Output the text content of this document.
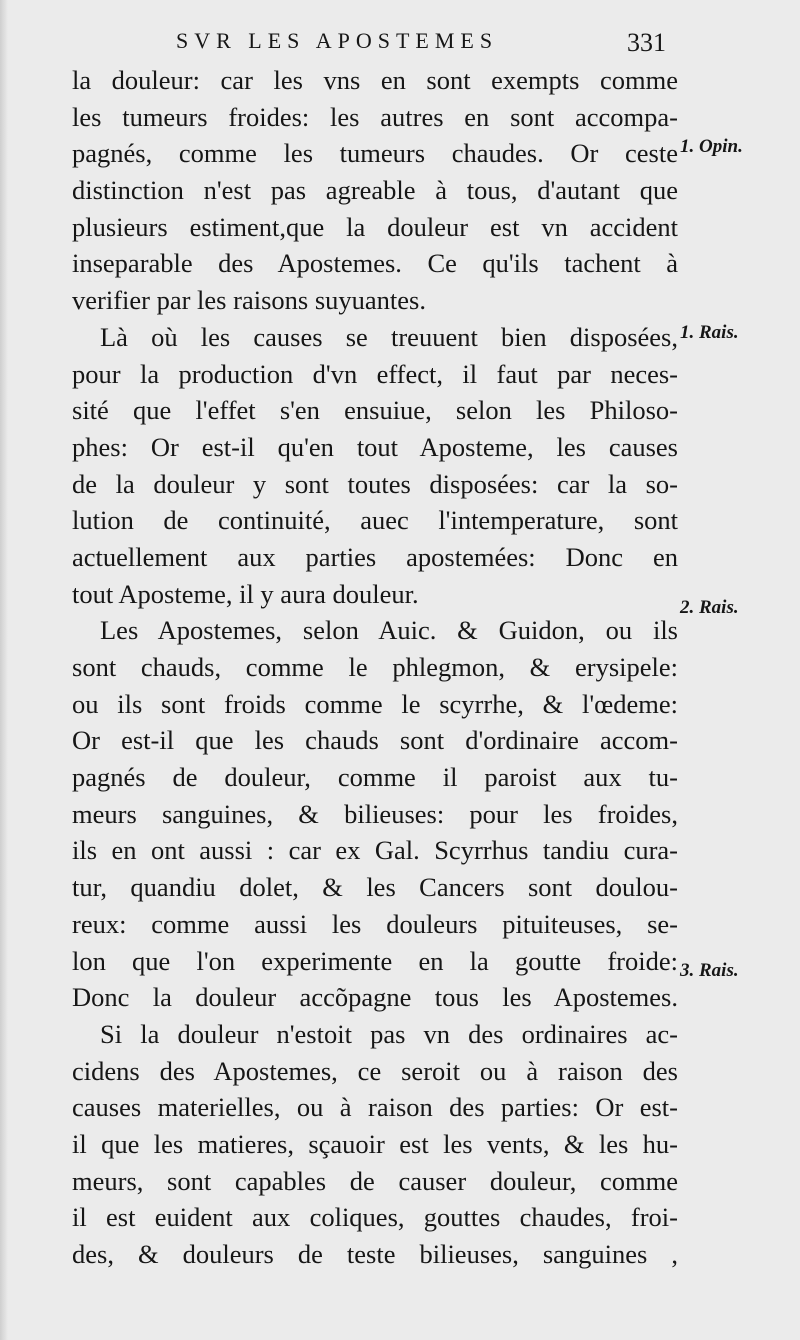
SVR LES APOSTEMES	331
la douleur: car les vns en sont exempts comme
les tumeurs froides: les autres en sont accompa-
pagnés, comme les tumeurs chaudes. Or ceste
distinction n'est pas agreable à tous, d'autant que
plusieurs estiment,que la douleur est vn accident
inseparable des Apostemes. Ce qu'ils tachent à
verifier par les raisons suyuantes.
Là où les causes se treuuent bien disposées,
pour la production d'vn effect, il faut par neces-
sité que l'effet s'en ensuiue, selon les Philoso-
phes: Or est-il qu'en tout Aposteme, les causes
de la douleur y sont toutes disposées: car la so-
lution de continuité, auec l'intemperature, sont
actuellement aux parties apostemées: Donc en
tout Aposteme, il y aura douleur.
Les Apostemes, selon Auic. & Guidon, ou ils
sont chauds, comme le phlegmon, & erysipele:
ou ils sont froids comme le scyrrhe, & l'œdeme:
Or est-il que les chauds sont d'ordinaire accom-
pagnés de douleur, comme il paroist aux tu-
meurs sanguines, & bilieuses: pour les froides,
ils en ont aussi : car ex Gal. Scyrrhus tandiu cura-
tur, quandiu dolet, & les Cancers sont doulou-
reux: comme aussi les douleurs pituiteuses, se-
lon que l'on experimente en la goutte froide:
Donc la douleur accõpagne tous les Apostemes.
Si la douleur n'estoit pas vn des ordinaires ac-
cidens des Apostemes, ce seroit ou à raison des
causes materielles, ou à raison des parties: Or est-
il que les matieres, sçauoir est les vents, & les hu-
meurs, sont capables de causer douleur, comme
il est euident aux coliques, gouttes chaudes, froi-
des, & douleurs de teste bilieuses, sanguines ,
1. Opin.
1. Rais.
2. Rais.
3. Rais.
